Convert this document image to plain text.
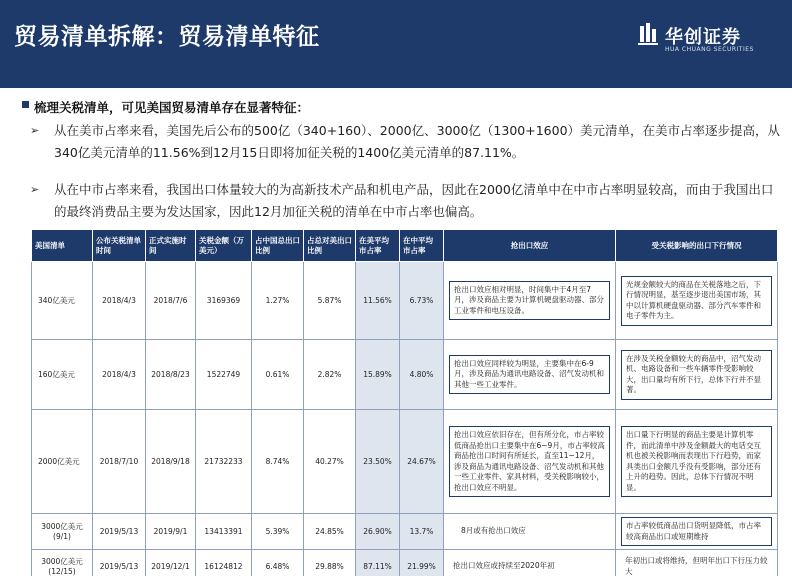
贸易清单拆解：贸易清单特征	华创证券
HUA CHUANG SECURITIES
梳理关税清单，可见美国贸易清单存在显著特征：
➢	从在美市占率来看，美国先后公布的500亿（340+160）、2000亿、3000亿（1300+1600）美元清单，在美市占率逐步提高，从340亿美元清单的11.56%到12月15日即将加征关税的1400亿美元清单的87.11%。
➢	从在中市占率来看，我国出口体量较大的为高新技术产品和机电产品，因此在2000亿清单中在中市占率明显较高，而由于我国出口的最终消费品主要为发达国家，因此12月加征关税的清单在中市占率也偏高。
美国清单	公布关税清单时间	正式实施时间	关税金额（万美元）	占中国总出口比例	占总对美出口比例	在美平均市占率	在中平均市占率	抢出口效应	受关税影响的出口下行情况
340亿美元	2018/4/3	2018/7/6	3169369	1.27%	5.87%	11.56%	6.73%	抢出口效应相对明显，时间集中于4月至7月，涉及商品主要为计算机硬盘驱动器、部分工业零件和电压设备。	光规金额较大的商品在关税落地之后，下行情况明显，基至逐步退出美国市场，其中以计算机硬盘驱动器、部分汽车零件和电子零件为主。

160亿美元	2018/4/3	2018/8/23	1522749	0.61%	2.82%	15.89%	4.80%	抢出口效应同样较为明显，主要集中在6-9月，涉及商品为通讯电路设备、沼气发动机和其他一些工业零件。	在涉及关税金额较大的商品中，沼气发动机、电路设备和一些车辆零件受影响较大，出口量均有所下行，总体下行并不显著。

2000亿美元	2018/7/10	2018/9/18	21732233	8.74%	40.27%	23.50%	24.67%	抢出口效应依旧存在，但有所分化，市占率较低商品抢出口主要集中在6~9月，市占率较高商品抢出口时间有所延长，直至11~12月，涉及商品为通讯电路设备、沼气发动机和其他一些工业零件、家具材料，受关税影响较小，抢出口效应不明显。	出口量下行明显的商品主要是计算机零件，而此清单中涉及金额最大的电话交互机也被关税影响而表现出下行趋势，而家具类出口金额几乎没有受影响，部分还有上升的趋势。因此，总体下行情况不明显。

3000亿美元(9/1)	2019/5/13	2019/9/1	13413391	5.39%	24.85%	26.90%	13.7%	8月或有抢出口效应	市占率较低商品出口货明显降低，市占率较高商品出口或短期维持

3000亿美元(12/15)	2019/5/13	2019/12/1	16124812	6.48%	29.88%	87.11%	21.99%	抢出口效应或持续至2020年初	年初出口或将维持，但明年出口下行压力较大
